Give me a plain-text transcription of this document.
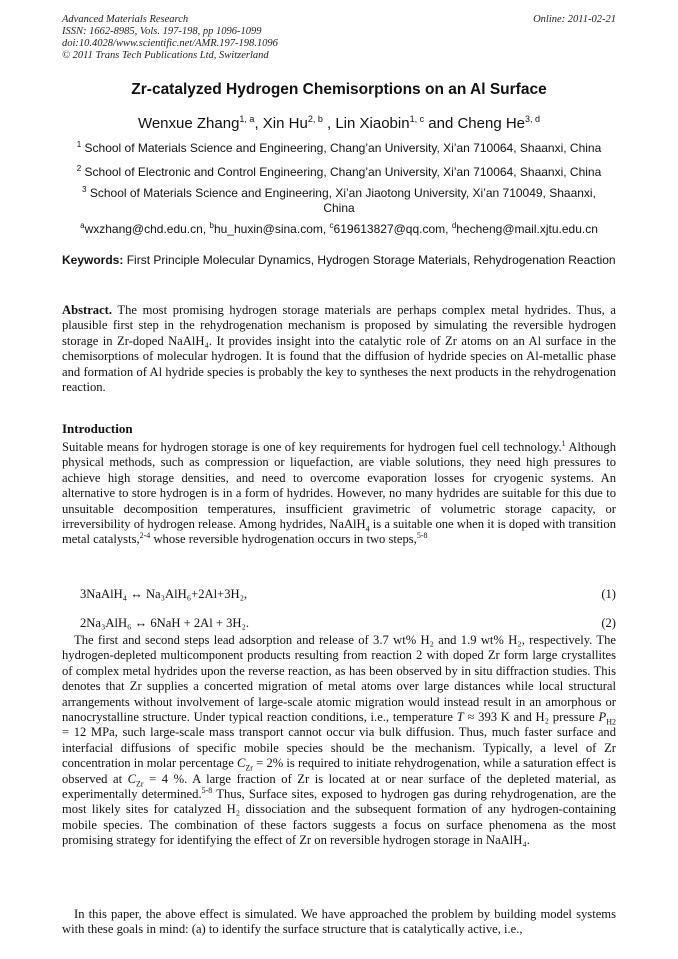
Advanced Materials Research
ISSN: 1662-8985, Vols. 197-198, pp 1096-1099
doi:10.4028/www.scientific.net/AMR.197-198.1096
© 2011 Trans Tech Publications Ltd, Switzerland
Online: 2011-02-21
Zr-catalyzed Hydrogen Chemisorptions on an Al Surface
Wenxue Zhang$^{1, a}$, Xin Hu$^{2, b}$ , Lin Xiaobin$^{1, c}$ and Cheng He$^{3, d}$
$^1$ School of Materials Science and Engineering, Chang’an University, Xi’an 710064, Shaanxi, China
$^2$ School of Electronic and Control Engineering, Chang’an University, Xi’an 710064, Shaanxi, China
$^3$ School of Materials Science and Engineering, Xi’an Jiaotong University, Xi’an 710049, Shaanxi, China
$^a$wxzhang@chd.edu.cn, $^b$hu_huxin@sina.com, $^c$619613827@qq.com, $^d$hecheng@mail.xjtu.edu.cn
Keywords: First Principle Molecular Dynamics, Hydrogen Storage Materials, Rehydrogenation Reaction
Abstract. The most promising hydrogen storage materials are perhaps complex metal hydrides. Thus, a plausible first step in the rehydrogenation mechanism is proposed by simulating the reversible hydrogen storage in Zr-doped NaAlH₄. It provides insight into the catalytic role of Zr atoms on an Al surface in the chemisorptions of molecular hydrogen. It is found that the diffusion of hydride species on Al-metallic phase and formation of Al hydride species is probably the key to syntheses the next products in the rehydrogenation reaction.
Introduction
Suitable means for hydrogen storage is one of key requirements for hydrogen fuel cell technology.$^1$ Although physical methods, such as compression or liquefaction, are viable solutions, they need high pressures to achieve high storage densities, and need to overcome evaporation losses for cryogenic systems. An alternative to store hydrogen is in a form of hydrides. However, no many hydrides are suitable for this due to unsuitable decomposition temperatures, insufficient gravimetric of volumetric storage capacity, or irreversibility of hydrogen release. Among hydrides, NaAlH$_4$ is a suitable one when it is doped with transition metal catalysts,$^{2-4}$ whose reversible hydrogenation occurs in two steps,$^{5-8}$
3NaAlH₄ ↔ Na₃AlH₆+2Al+3H₂,	(1)
2Na₃AlH₆ ↔ 6NaH + 2Al + 3H₂.	(2)
The first and second steps lead adsorption and release of 3.7 wt% H₂ and 1.9 wt% H₂, respectively. The hydrogen-depleted multicomponent products resulting from reaction 2 with doped Zr form large crystallites of complex metal hydrides upon the reverse reaction, as has been observed by in situ diffraction studies. This denotes that Zr supplies a concerted migration of metal atoms over large distances while local structural arrangements without involvement of large-scale atomic migration would instead result in an amorphous or nanocrystalline structure. Under typical reaction conditions, i.e., temperature T ≈ 393 K and H₂ pressure $P_{H2} = 12$ MPa, such large-scale mass transport cannot occur via bulk diffusion. Thus, much faster surface and interfacial diffusions of specific mobile species should be the mechanism. Typically, a level of Zr concentration in molar percentage $C_{Zr} = 2\%$ is required to initiate rehydrogenation, while a saturation effect is observed at $C_{Zr} = 4$ %. A large fraction of Zr is located at or near surface of the depleted material, as experimentally determined.$^{5-8}$ Thus, Surface sites, exposed to hydrogen gas during rehydrogenation, are the most likely sites for catalyzed H₂ dissociation and the subsequent formation of any hydrogen-containing mobile species. The combination of these factors suggests a focus on surface phenomena as the most promising strategy for identifying the effect of Zr on reversible hydrogen storage in NaAlH₄.
In this paper, the above effect is simulated. We have approached the problem by building model systems with these goals in mind: (a) to identify the surface structure that is catalytically active, i.e.,
